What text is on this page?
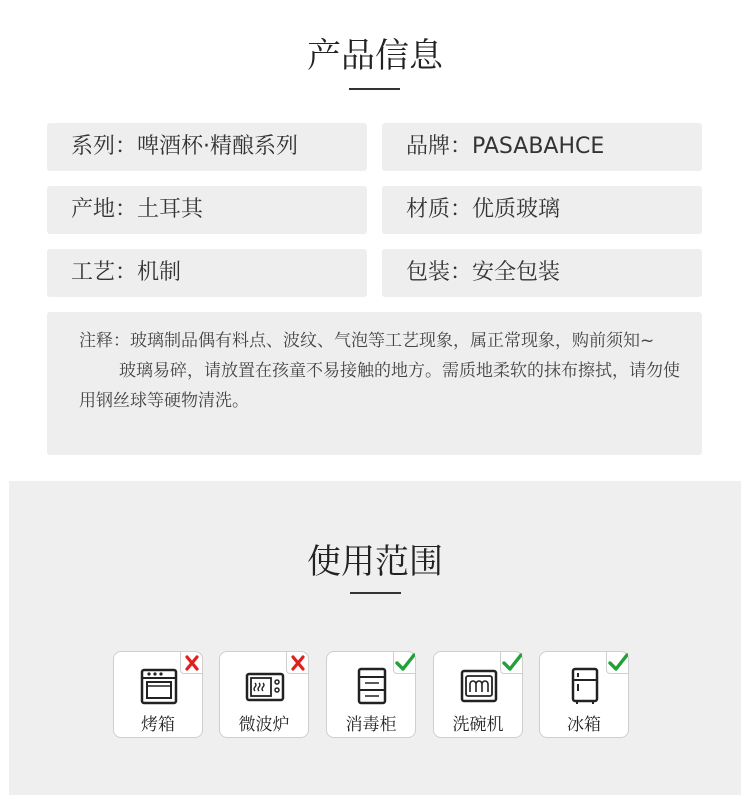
产品信息
系列：啤酒杯·精酿系列	品牌：PASABAHCE
产地：土耳其	材质：优质玻璃
工艺：机制	包装：安全包装

注释：玻璃制品偶有料点、波纹、气泡等工艺现象，属正常现象，购前须知~

玻璃易碎，请放置在孩童不易接触的地方。需质地柔软的抹布擦拭，请勿使用钢丝球等硬物清洗。

使用范围
烤箱	微波炉	消毒柜	洗碗机	冰箱
